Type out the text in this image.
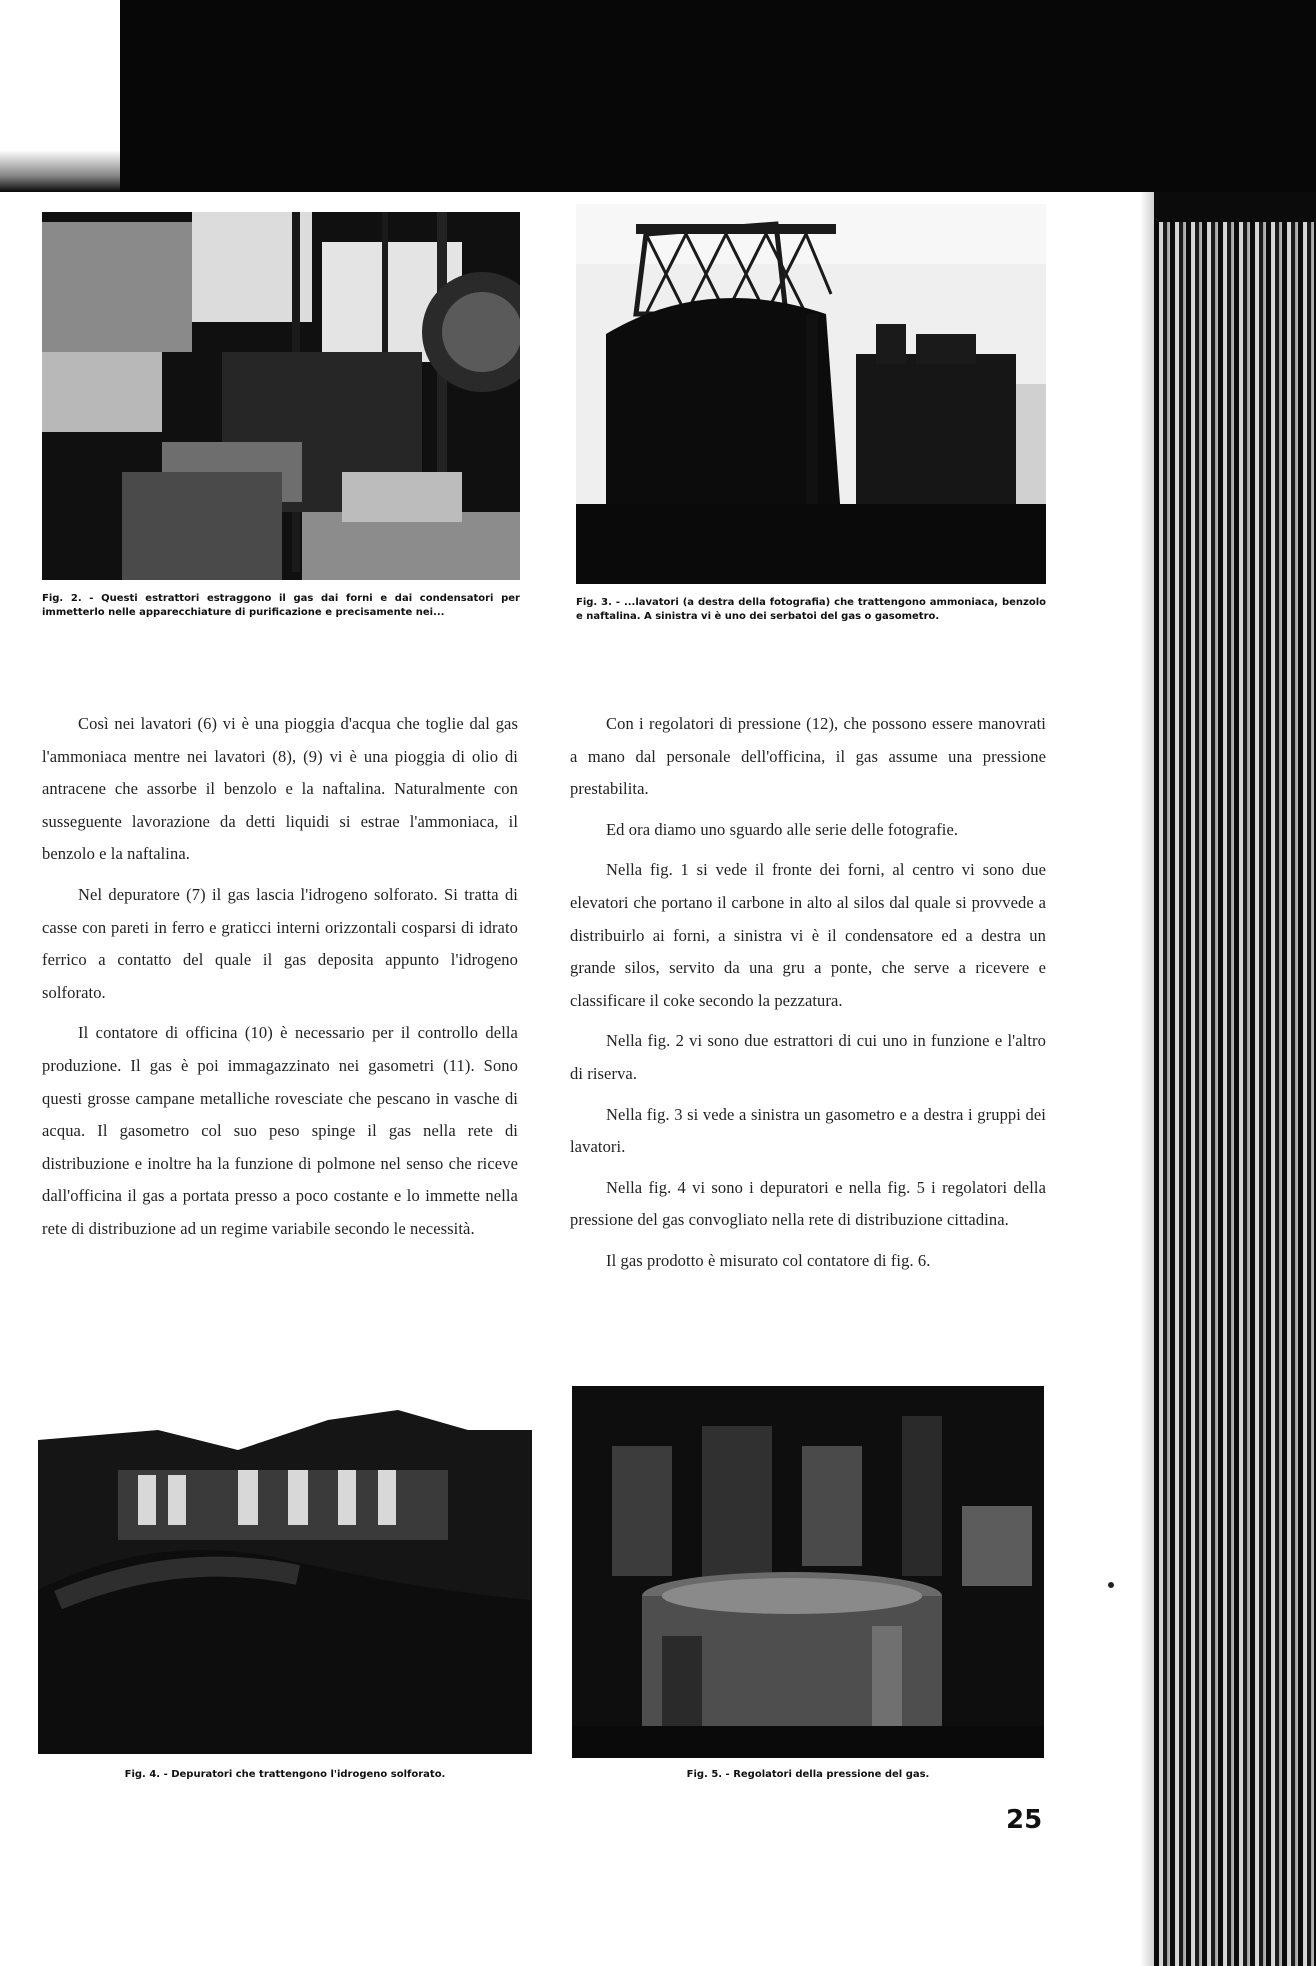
Fig. 2. - Questi estrattori estraggono il gas dai forni e dai condensatori per immetterlo nelle apparecchiature di purificazione e precisamente nei...

Fig. 3. - ...lavatori (a destra della fotografia) che trattengono ammoniaca, benzolo e naftalina. A sinistra vi è uno dei serbatoi del gas o gasometro.

Così nei lavatori (6) vi è una pioggia d'acqua che toglie dal gas l'ammoniaca mentre nei lavatori (8), (9) vi è una pioggia di olio di antracene che assorbe il benzolo e la naftalina. Naturalmente con susseguente lavorazione da detti liquidi si estrae l'ammoniaca, il benzolo e la naftalina.

Nel depuratore (7) il gas lascia l'idrogeno solforato. Si tratta di casse con pareti in ferro e graticci interni orizzontali cosparsi di idrato ferrico a contatto del quale il gas deposita appunto l'idrogeno solforato.

Il contatore di officina (10) è necessario per il controllo della produzione. Il gas è poi immagazzinato nei gasometri (11). Sono questi grosse campane metalliche rovesciate che pescano in vasche di acqua. Il gasometro col suo peso spinge il gas nella rete di distribuzione e inoltre ha la funzione di polmone nel senso che riceve dall'officina il gas a portata presso a poco costante e lo immette nella rete di distribuzione ad un regime variabile secondo le necessità.

Con i regolatori di pressione (12), che possono essere manovrati a mano dal personale dell'officina, il gas assume una pressione prestabilita.

Ed ora diamo uno sguardo alle serie delle fotografie.

Nella fig. 1 si vede il fronte dei forni, al centro vi sono due elevatori che portano il carbone in alto al silos dal quale si provvede a distribuirlo ai forni, a sinistra vi è il condensatore ed a destra un grande silos, servito da una gru a ponte, che serve a ricevere e classificare il coke secondo la pezzatura.

Nella fig. 2 vi sono due estrattori di cui uno in funzione e l'altro di riserva.

Nella fig. 3 si vede a sinistra un gasometro e a destra i gruppi dei lavatori.

Nella fig. 4 vi sono i depuratori e nella fig. 5 i regolatori della pressione del gas convogliato nella rete di distribuzione cittadina.

Il gas prodotto è misurato col contatore di fig. 6.

Fig. 4. - Depuratori che trattengono l'idrogeno solforato.	Fig. 5. - Regolatori della pressione del gas.

25
